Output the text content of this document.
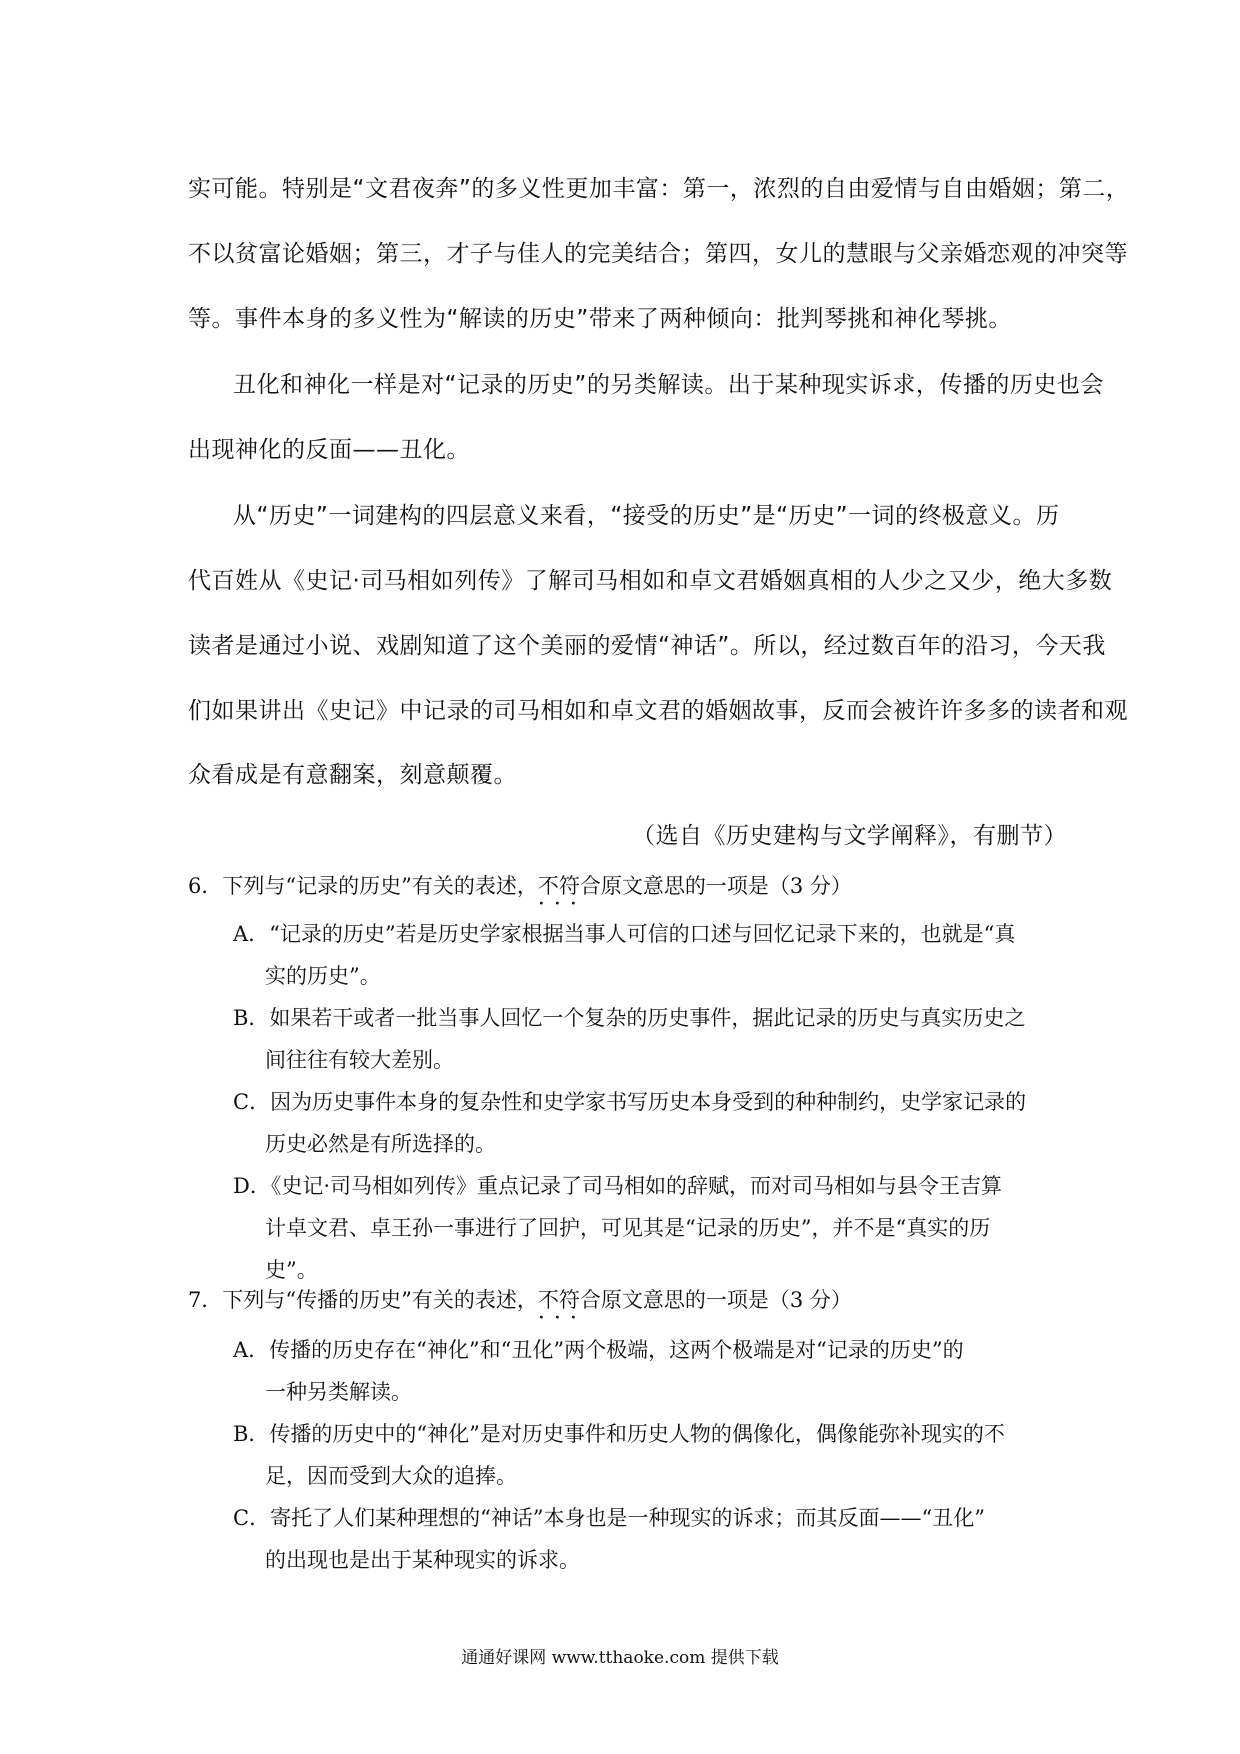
实可能。特别是“文君夜奔”的多义性更加丰富：第一，浓烈的自由爱情与自由婚姻；第二，
不以贫富论婚姻；第三，才子与佳人的完美结合；第四，女儿的慧眼与父亲婚恋观的冲突等
等。事件本身的多义性为“解读的历史”带来了两种倾向：批判琴挑和神化琴挑。
丑化和神化一样是对“记录的历史”的另类解读。出于某种现实诉求，传播的历史也会
出现神化的反面——丑化。
从“历史”一词建构的四层意义来看，“接受的历史”是“历史”一词的终极意义。历
代百姓从《史记·司马相如列传》了解司马相如和卓文君婚姻真相的人少之又少，绝大多数
读者是通过小说、戏剧知道了这个美丽的爱情“神话”。所以，经过数百年的沿习，今天我
们如果讲出《史记》中记录的司马相如和卓文君的婚姻故事，反而会被许许多多的读者和观
众看成是有意翻案，刻意颠覆。
（选自《历史建构与文学阐释》，有删节）
6．下列与“记录的历史”有关的表述，不符合 · · ·原文意思的一项是（3 分）
A．“记录的历史”若是历史学家根据当事人可信的口述与回忆记录下来的，也就是“真
实的历史”。
B．如果若干或者一批当事人回忆一个复杂的历史事件，据此记录的历史与真实历史之
间往往有较大差别。
C．因为历史事件本身的复杂性和史学家书写历史本身受到的种种制约，史学家记录的
历史必然是有所选择的。
D．《史记·司马相如列传》重点记录了司马相如的辞赋，而对司马相如与县令王吉算
计卓文君、卓王孙一事进行了回护，可见其是“记录的历史”，并不是“真实的历
史”。
7．下列与“传播的历史”有关的表述，不符合 · · ·原文意思的一项是（3 分）
A．传播的历史存在“神化”和“丑化”两个极端，这两个极端是对“记录的历史”的
一种另类解读。
B．传播的历史中的“神化”是对历史事件和历史人物的偶像化，偶像能弥补现实的不
足，因而受到大众的追捧。
C．寄托了人们某种理想的“神话”本身也是一种现实的诉求；而其反面——“丑化”
的出现也是出于某种现实的诉求。
通通好课网 www.tthaoke.com 提供下载
